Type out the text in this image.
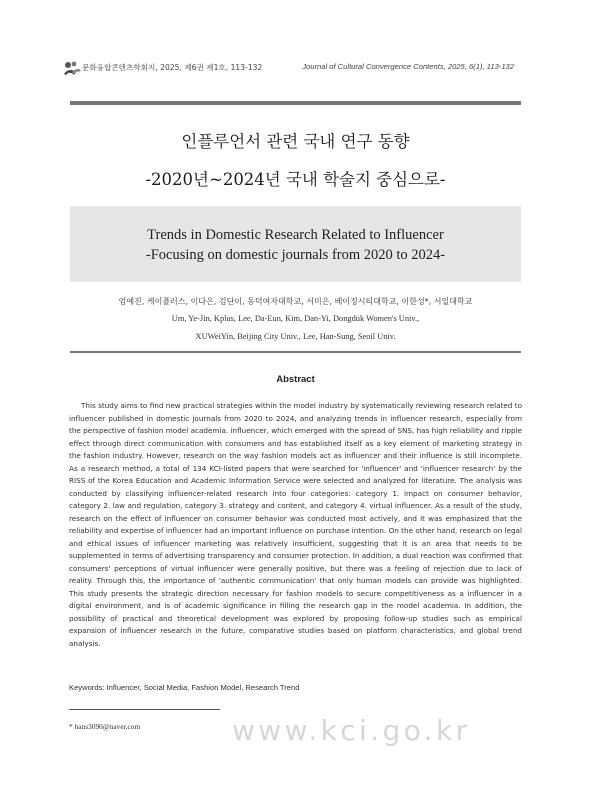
문화융합콘텐츠학회지, 2025, 제6권 제1호, 113-132	Journal of Cultural Convergence Contents, 2025, 6(1), 113-132
인플루언서 관련 국내 연구 동향
-2020년~2024년 국내 학술지 중심으로-
Trends in Domestic Research Related to Influencer
-Focusing on domestic journals from 2020 to 2024-
엄예진, 케이플러스, 이다은, 김단이, 동덕여자대학교, 서미은, 베이징시티대학교, 이한성*, 서일대학교
Um, Ye-Jin, Kplus, Lee, Da-Eun, Kim, Dan-Yi, Dongduk Women's Univ.,
XUWeiYin, Beijing City Univ., Lee, Han-Sung, Seoil Univ.
Abstract

This study aims to find new practical strategies within the model industry by systematically reviewing research related to influencer published in domestic journals from 2020 to 2024, and analyzing trends in influencer research, especially from the perspective of fashion model academia. influencer, which emerged with the spread of SNS, has high reliability and ripple effect through direct communication with consumers and has established itself as a key element of marketing strategy in the fashion industry. However, research on the way fashion models act as influencer and their influence is still incomplete. As a research method, a total of 134 KCI-listed papers that were searched for 'influencer' and 'influencer research' by the RISS of the Korea Education and Academic Information Service were selected and analyzed for literature. The analysis was conducted by classifying influencer-related research into four categories: category 1. impact on consumer behavior, category 2. law and regulation, category 3. strategy and content, and category 4. virtual influencer. As a result of the study, research on the effect of influencer on consumer behavior was conducted most actively, and it was emphasized that the reliability and expertise of influencer had an important influence on purchase intention. On the other hand, research on legal and ethical issues of influencer marketing was relatively insufficient, suggesting that it is an area that needs to be supplemented in terms of advertising transparency and consumer protection. In addition, a dual reaction was confirmed that consumers' perceptions of virtual influencer were generally positive, but there was a feeling of rejection due to lack of reality. Through this, the importance of 'authentic communication' that only human models can provide was highlighted. This study presents the strategic direction necessary for fashion models to secure competitiveness as a influencer in a digital environment, and is of academic significance in filling the research gap in the model academia. In addition, the possibility of practical and theoretical development was explored by proposing follow-up studies such as empirical expansion of influencer research in the future, comparative studies based on platform characteristics, and global trend analysis.

Keywords: Influencer, Social Media, Fashion Model, Research Trend
* hans3090@naver.com	www.kci.go.kr
